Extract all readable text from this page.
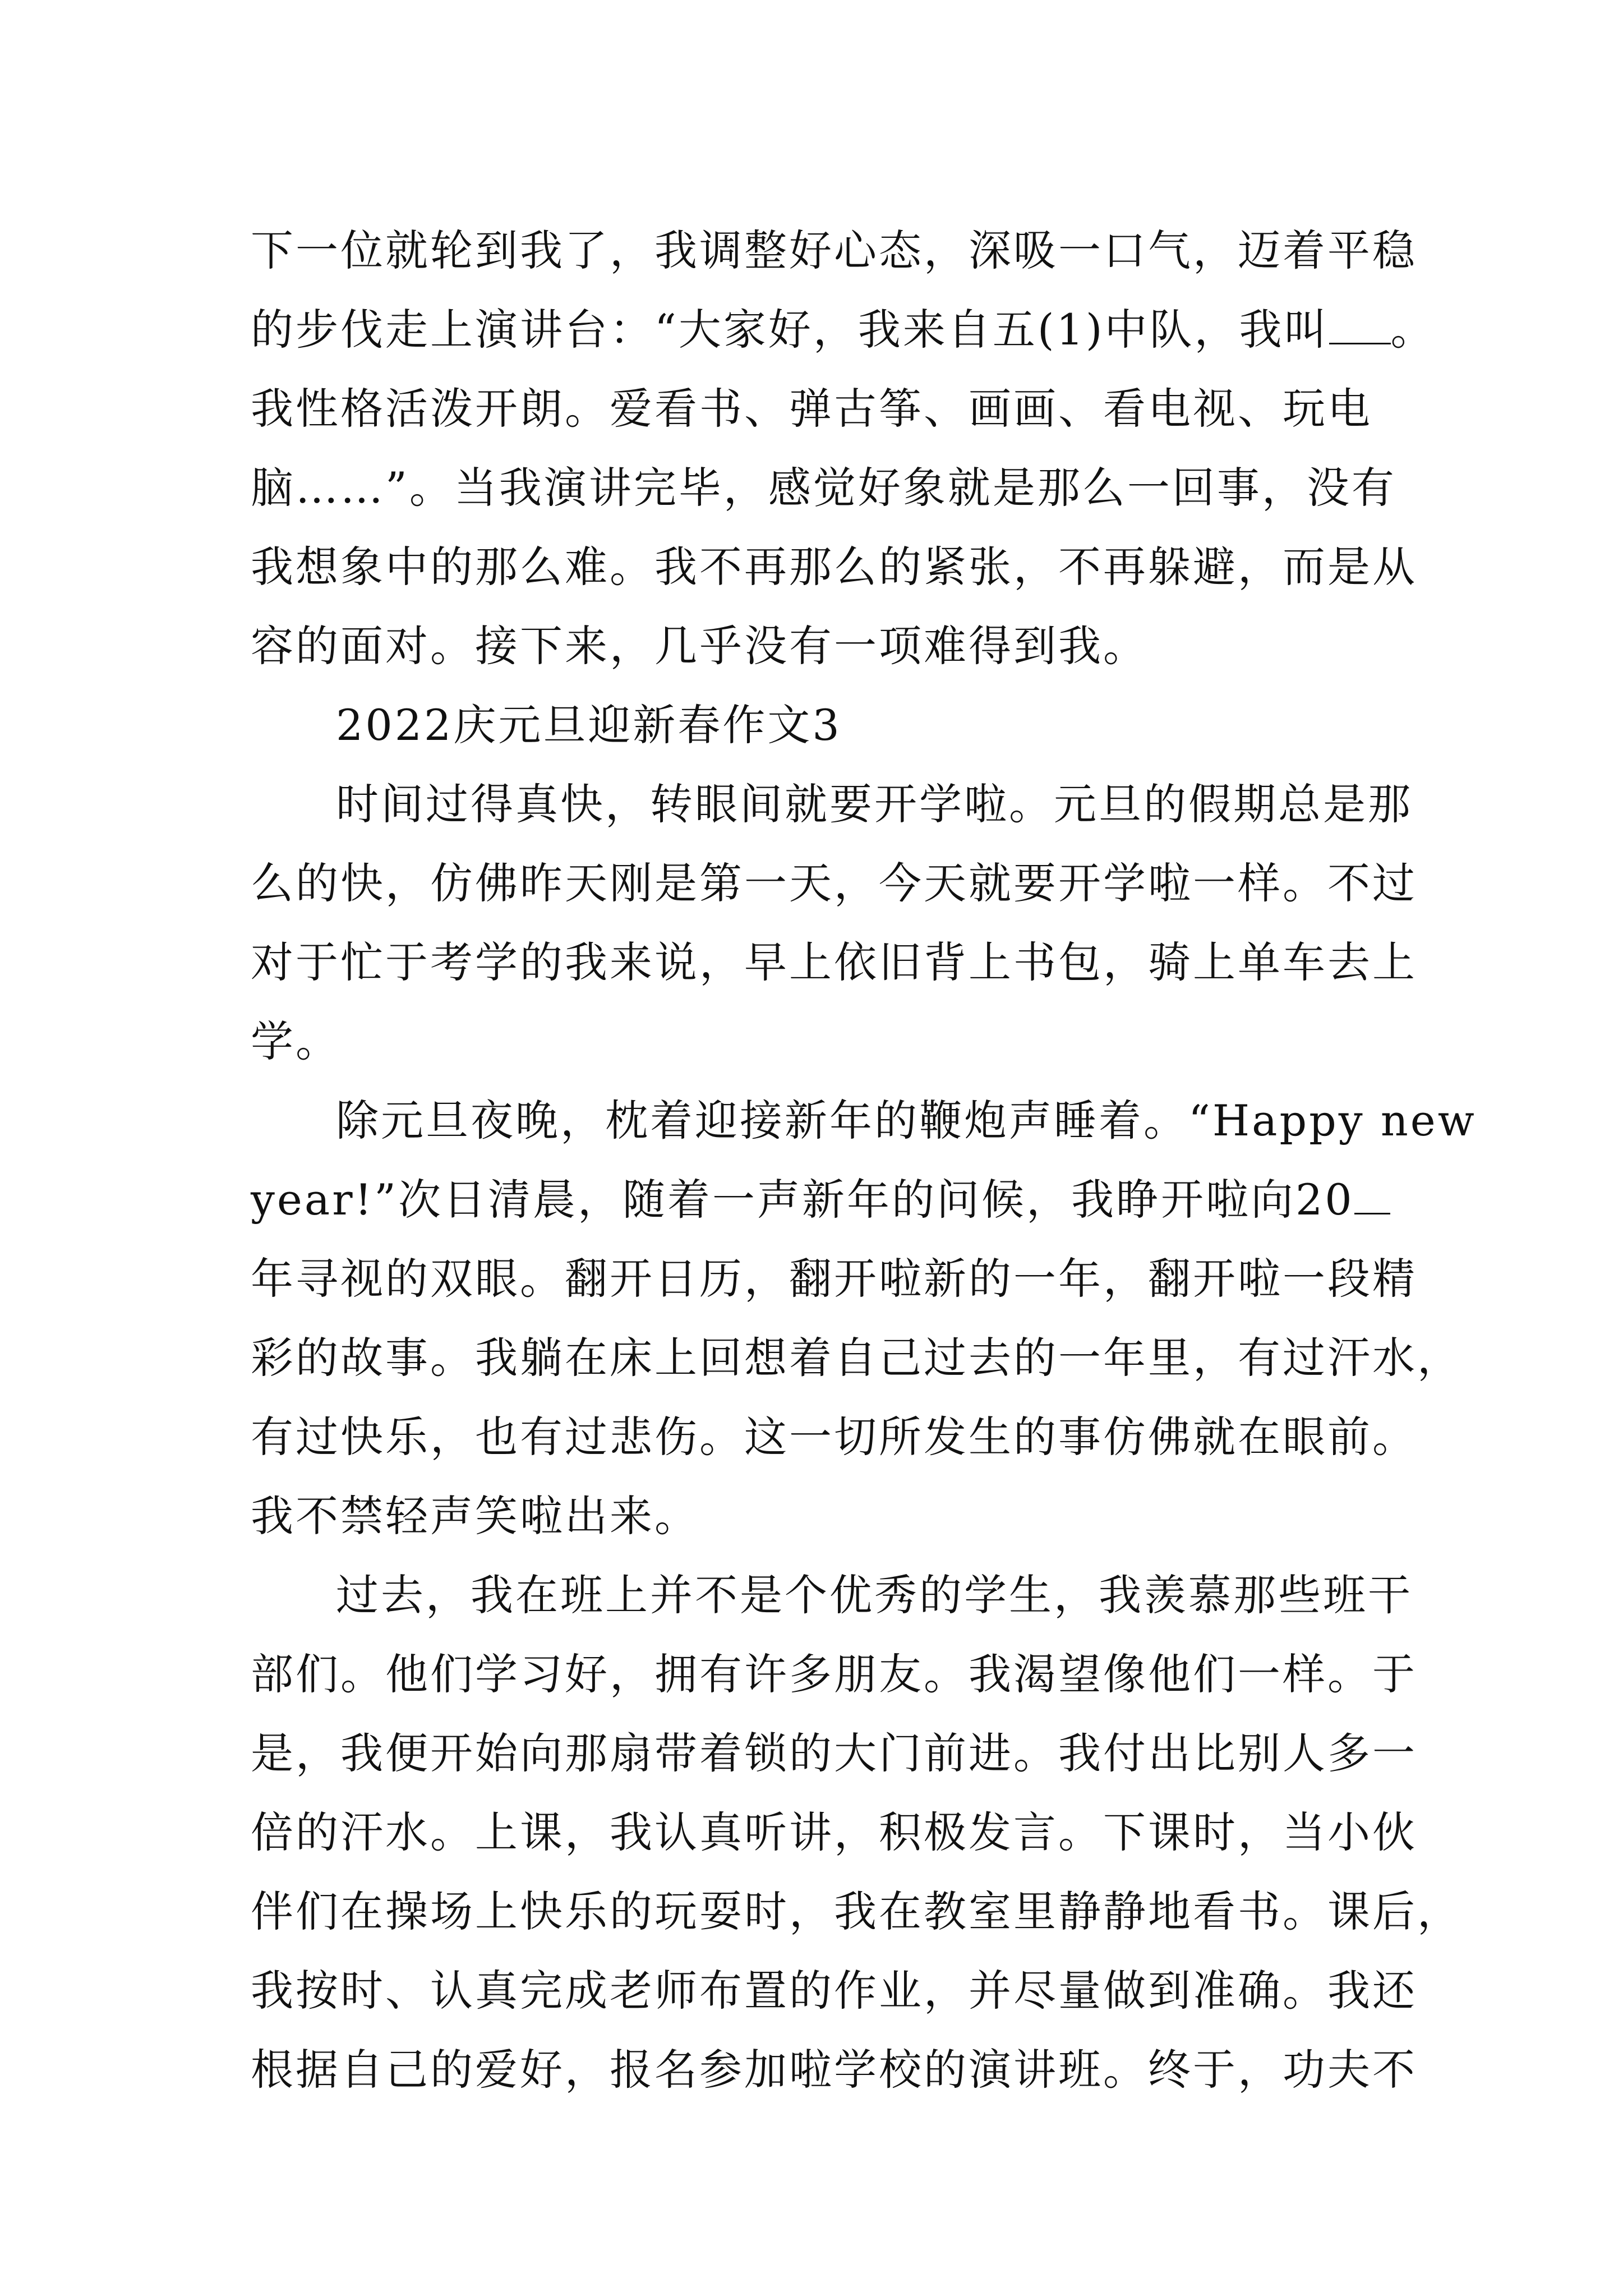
下一位就轮到我了，我调整好心态，深吸一口气，迈着平稳
的步伐走上演讲台：“大家好，我来自五(1)中队，我叫 。
我性格活泼开朗。爱看书、弹古筝、画画、看电视、玩电
脑……”。当我演讲完毕，感觉好象就是那么一回事，没有
我想象中的那么难。我不再那么的紧张，不再躲避，而是从
容的面对。接下来，几乎没有一项难得到我。
2022庆元旦迎新春作文3
时间过得真快，转眼间就要开学啦。元旦的假期总是那
么的快，仿佛昨天刚是第一天，今天就要开学啦一样。不过
对于忙于考学的我来说，早上依旧背上书包，骑上单车去上
学。
除元旦夜晚，枕着迎接新年的鞭炮声睡着。“Happy new
year!”次日清晨，随着一声新年的问候，我睁开啦向20
年寻视的双眼。翻开日历，翻开啦新的一年，翻开啦一段精
彩的故事。我躺在床上回想着自己过去的一年里，有过汗水，
有过快乐，也有过悲伤。这一切所发生的事仿佛就在眼前。
我不禁轻声笑啦出来。
过去，我在班上并不是个优秀的学生，我羡慕那些班干
部们。他们学习好，拥有许多朋友。我渴望像他们一样。于
是，我便开始向那扇带着锁的大门前进。我付出比别人多一
倍的汗水。上课，我认真听讲，积极发言。下课时，当小伙
伴们在操场上快乐的玩耍时，我在教室里静静地看书。课后，
我按时、认真完成老师布置的作业，并尽量做到准确。我还
根据自己的爱好，报名参加啦学校的演讲班。终于，功夫不
